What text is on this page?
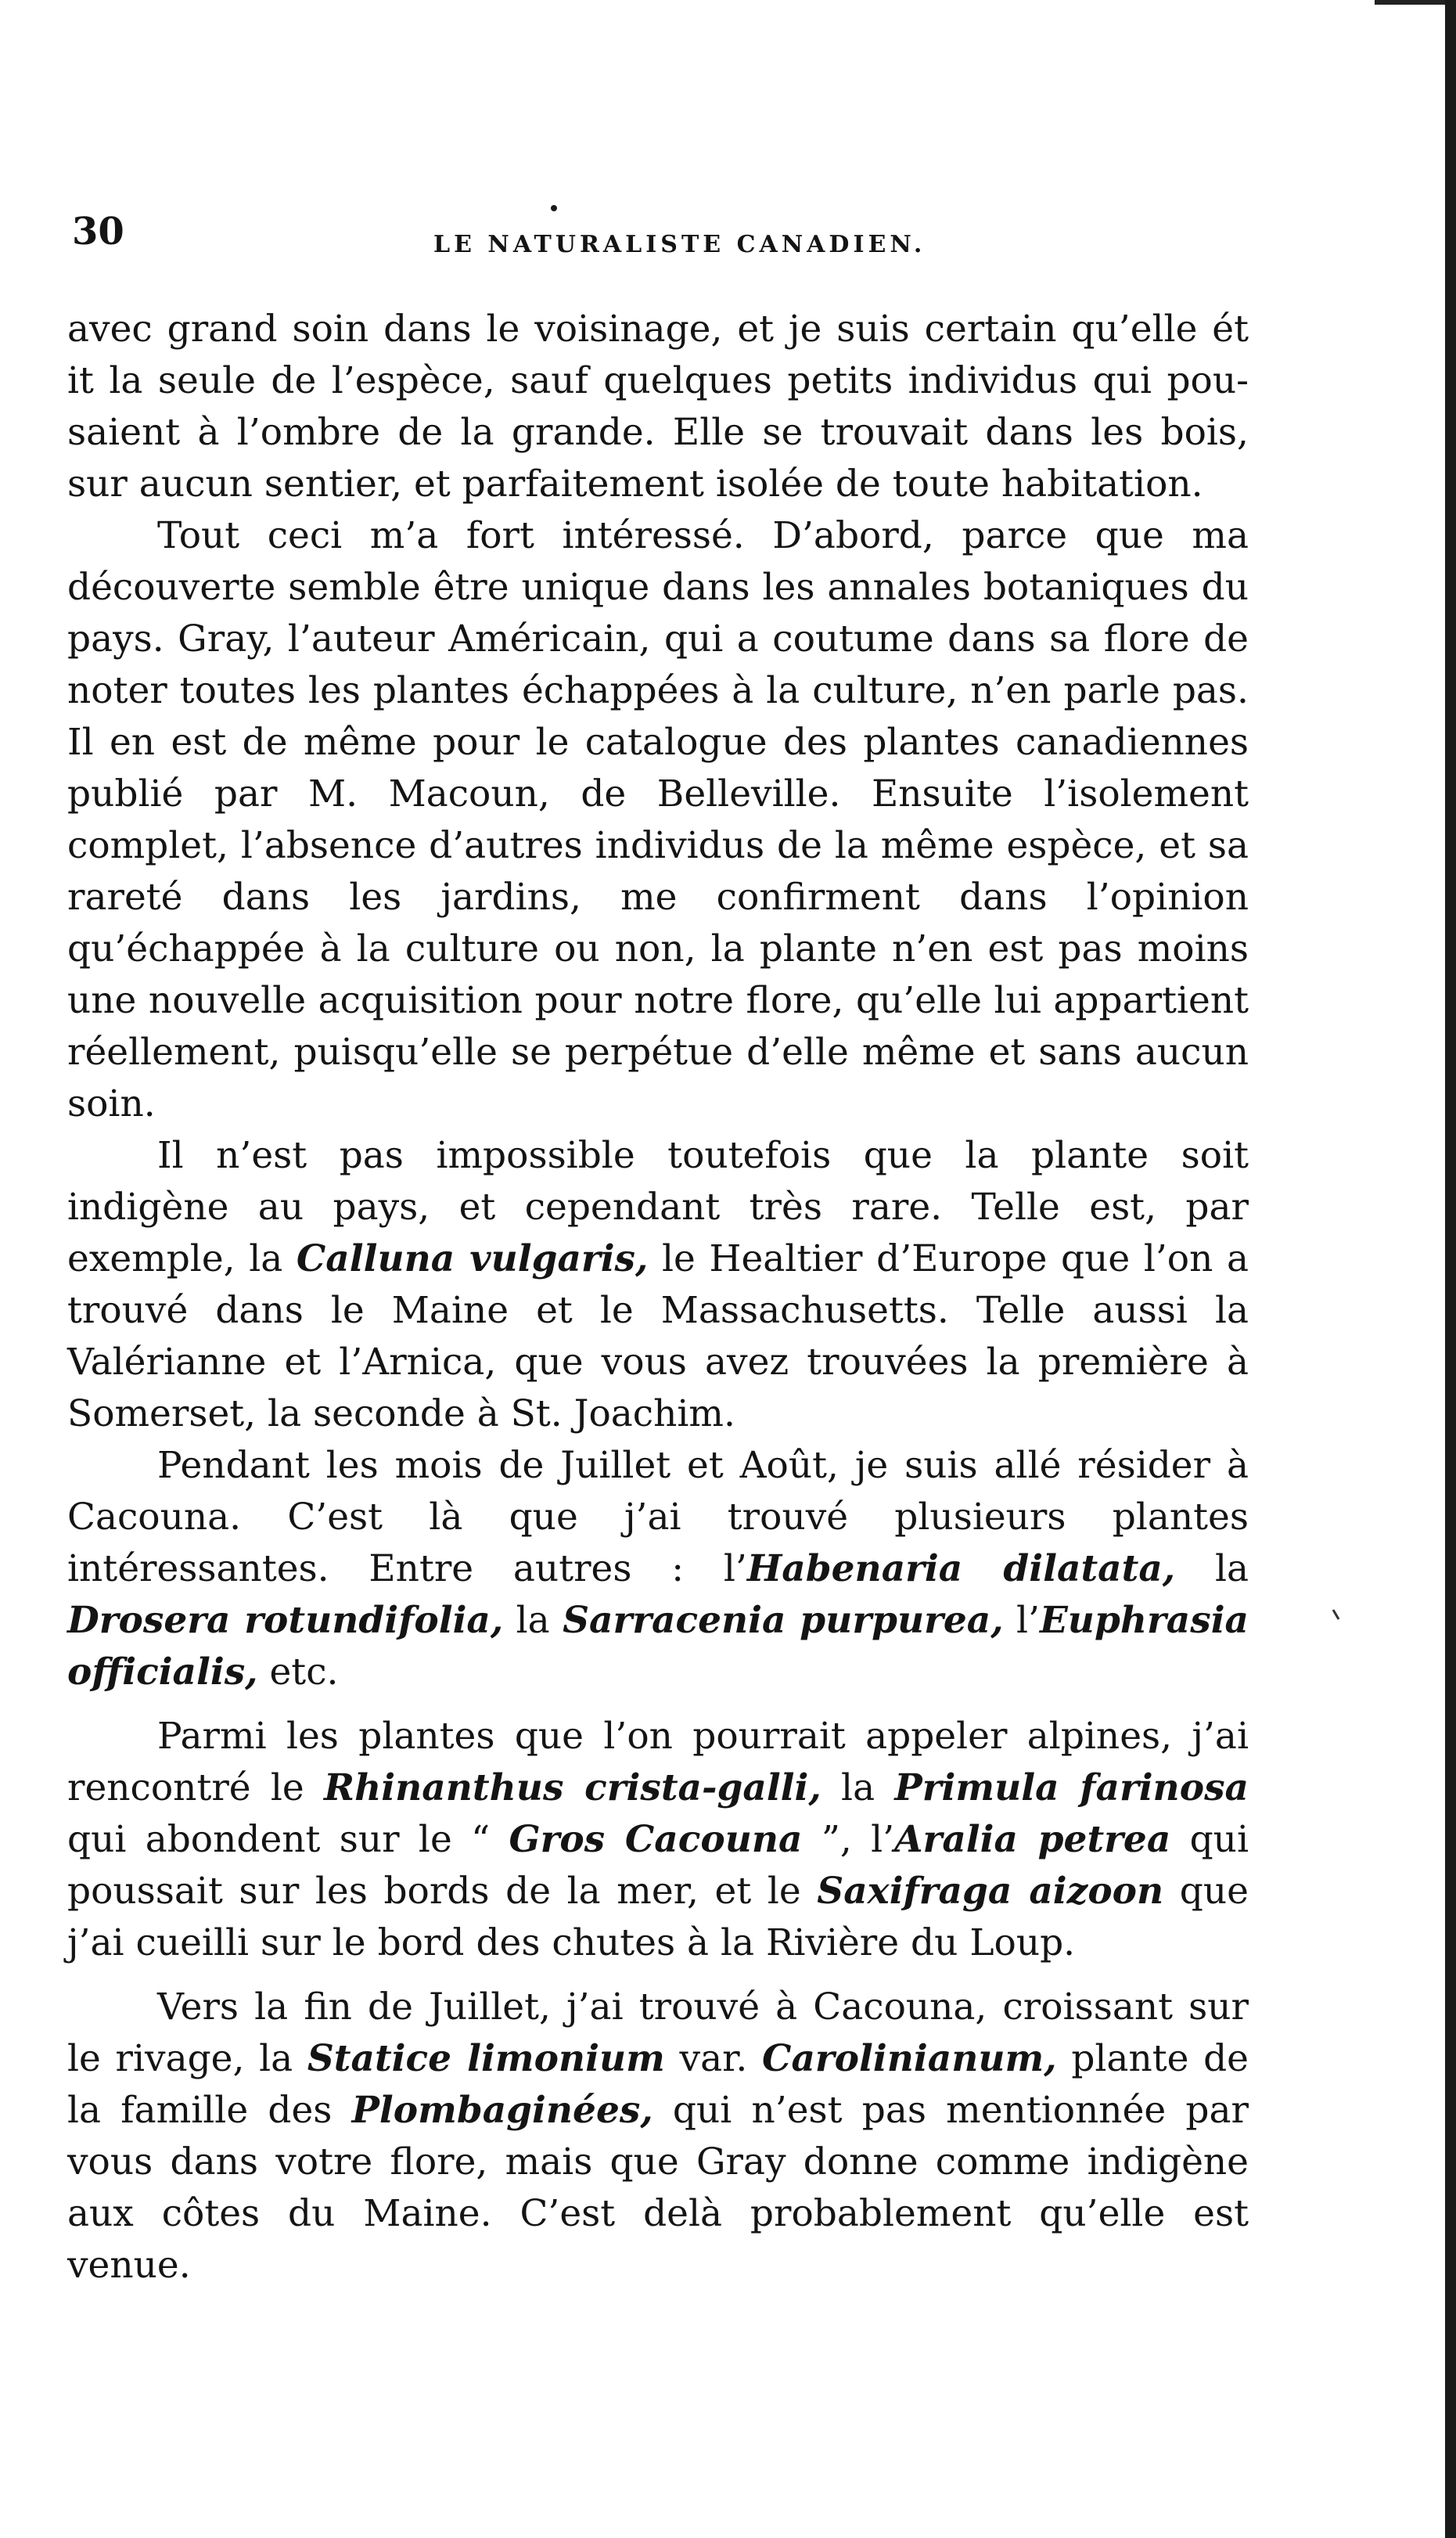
30	LE NATURALISTE CANADIEN.

avec grand soin dans le voisinage, et je suis certain qu’elle ét it la seule de l’espèce, sauf quelques petits individus qui pou-saient à l’ombre de la grande. Elle se trouvait dans les bois, sur aucun sentier, et parfaitement isolée de toute habitation.

Tout ceci m’a fort intéressé. D’abord, parce que ma découverte semble être unique dans les annales botaniques du pays. Gray, l’auteur Américain, qui a coutume dans sa flore de noter toutes les plantes échappées à la culture, n’en parle pas. Il en est de même pour le catalogue des plantes canadiennes publié par M. Macoun, de Belleville. Ensuite l’isolement complet, l’absence d’autres individus de la même espèce, et sa rareté dans les jardins, me confirment dans l’opinion qu’échappée à la culture ou non, la plante n’en est pas moins une nouvelle acquisition pour notre flore, qu’elle lui appartient réellement, puisqu’elle se perpétue d’elle même et sans aucun soin.

Il n’est pas impossible toutefois que la plante soit indigène au pays, et cependant très rare. Telle est, par exemple, la Calluna vulgaris, le Healtier d’Europe que l’on a trouvé dans le Maine et le Massachusetts. Telle aussi la Valérianne et l’Arnica, que vous avez trouvées la première à Somerset, la seconde à St. Joachim.

Pendant les mois de Juillet et Août, je suis allé résider à Cacouna. C’est là que j’ai trouvé plusieurs plantes intéressantes. Entre autres : l’Habenaria dilatata, la Drosera rotundifolia, la Sarracenia purpurea, l’Euphrasia officialis, etc.

Parmi les plantes que l’on pourrait appeler alpines, j’ai rencontré le Rhinanthus crista-galli, la Primula farinosa qui abondent sur le “ Gros Cacouna ”, l’Aralia petrea qui poussait sur les bords de la mer, et le Saxifraga aizoon que j’ai cueilli sur le bord des chutes à la Rivière du Loup.

Vers la fin de Juillet, j’ai trouvé à Cacouna, croissant sur le rivage, la Statice limonium var. Carolinianum, plante de la famille des Plombaginées, qui n’est pas mentionnée par vous dans votre flore, mais que Gray donne comme indigène aux côtes du Maine. C’est delà probablement qu’elle est venue.
